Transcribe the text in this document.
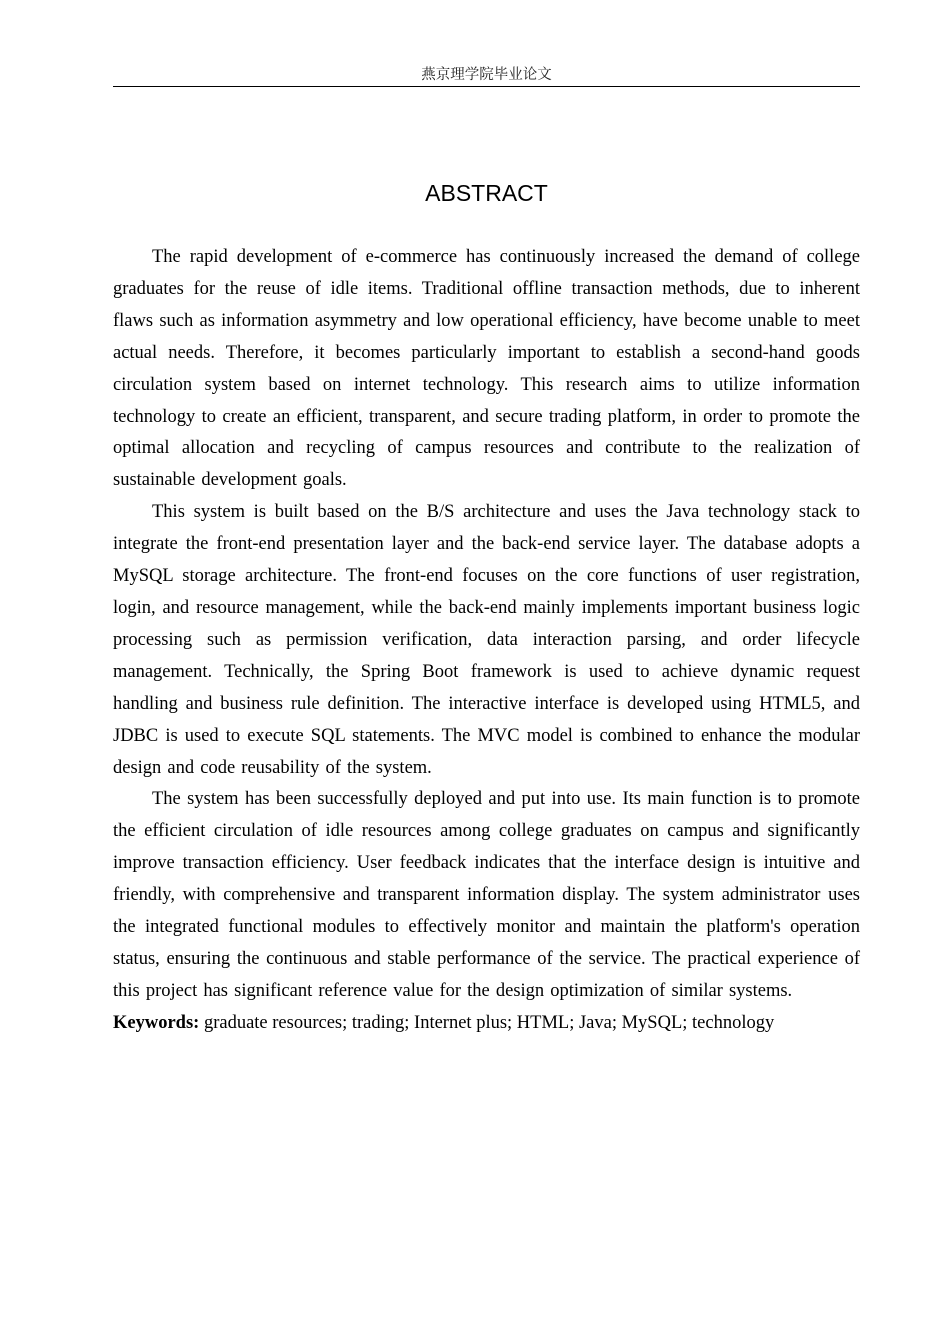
燕京理学院毕业论文
ABSTRACT

The rapid development of e-commerce has continuously increased the demand of college graduates for the reuse of idle items. Traditional offline transaction methods, due to inherent flaws such as information asymmetry and low operational efficiency, have become unable to meet actual needs. Therefore, it becomes particularly important to establish a second-hand goods circulation system based on internet technology. This research aims to utilize information technology to create an efficient, transparent, and secure trading platform, in order to promote the optimal allocation and recycling of campus resources and contribute to the realization of sustainable development goals.

This system is built based on the B/S architecture and uses the Java technology stack to integrate the front-end presentation layer and the back-end service layer. The database adopts a MySQL storage architecture. The front-end focuses on the core functions of user registration, login, and resource management, while the back-end mainly implements important business logic processing such as permission verification, data interaction parsing, and order lifecycle management. Technically, the Spring Boot framework is used to achieve dynamic request handling and business rule definition. The interactive interface is developed using HTML5, and JDBC is used to execute SQL statements. The MVC model is combined to enhance the modular design and code reusability of the system.

The system has been successfully deployed and put into use. Its main function is to promote the efficient circulation of idle resources among college graduates on campus and significantly improve transaction efficiency. User feedback indicates that the interface design is intuitive and friendly, with comprehensive and transparent information display. The system administrator uses the integrated functional modules to effectively monitor and maintain the platform's operation status, ensuring the continuous and stable performance of the service. The practical experience of this project has significant reference value for the design optimization of similar systems.

Keywords: graduate resources; trading; Internet plus; HTML; Java; MySQL; technology
